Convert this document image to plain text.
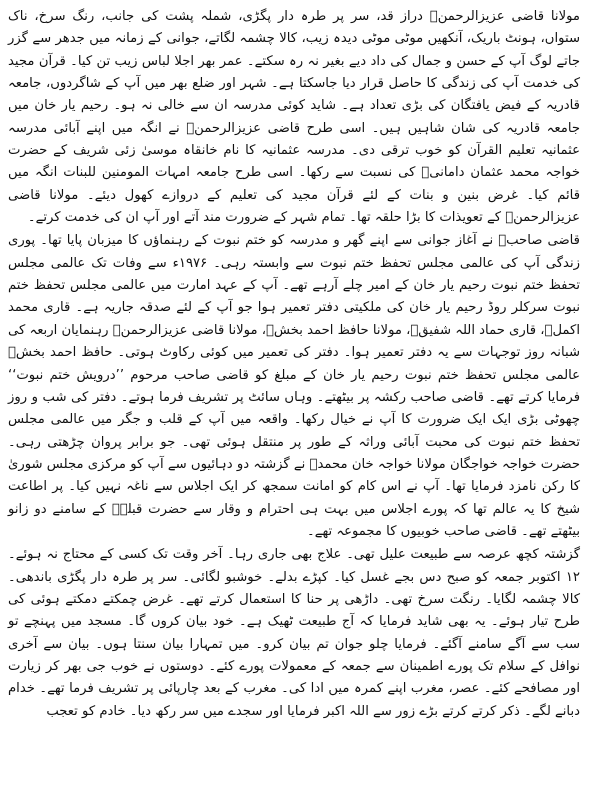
مولانا قاضی عزیزالرحمنؒ دراز قد، سر پر طرہ دار پگڑی، شملہ پشت کی جانب، رنگ سرخ، ناک ستواں، ہونٹ باریک، آنکھیں موٹی موٹی دیدہ زیب، کالا چشمہ لگاتے، جوانی کے زمانہ میں جدھر سے گزر جاتے لوگ آپ کے حسن و جمال کی داد دیے بغیر نہ رہ سکتے۔ عمر بھر اجلا لباس زیب تن کیا۔ قرآن مجید کی خدمت آپ کی زندگی کا حاصل قرار دیا جاسکتا ہے۔ شہر اور ضلع بھر میں آپ کے شاگردوں، جامعہ قادریہ کے فیض یافتگان کی بڑی تعداد ہے۔ شاید کوئی مدرسہ ان سے خالی نہ ہو۔ رحیم یار خان میں جامعہ قادریہ کی شان شاہیں ہیں۔ اسی طرح قاضی عزیزالرحمنؒ نے انگہ میں اپنے آبائی مدرسہ عثمانیہ تعلیم القرآن کو خوب ترقی دی۔ مدرسہ عثمانیہ کا نام خانقاہ موسیٰ زئی شریف کے حضرت خواجہ محمد عثمان دامانیؒ کی نسبت سے رکھا۔ اسی طرح جامعہ امہات المومنین للبنات انگہ میں قائم کیا۔ غرض بنین و بنات کے لئے قرآن مجید کی تعلیم کے دروازے کھول دیئے۔ مولانا قاضی عزیزالرحمنؒ کے تعویذات کا بڑا حلقہ تھا۔ تمام شہر کے ضرورت مند آتے اور آپ ان کی خدمت کرتے۔

قاضی صاحبؒ نے آغاز جوانی سے اپنے گھر و مدرسہ کو ختم نبوت کے رہنماؤں کا میزبان پایا تھا۔ پوری زندگی آپ کی عالمی مجلس تحفظ ختم نبوت سے وابستہ رہی۔ ۱۹۷۶ء سے وفات تک عالمی مجلس تحفظ ختم نبوت رحیم یار خان کے امیر چلے آرہے تھے۔ آپ کے عہد امارت میں عالمی مجلس تحفظ ختم نبوت سرکلر روڈ رحیم یار خان کی ملکیتی دفتر تعمیر ہوا جو آپ کے لئے صدقہ جاریہ ہے۔ قاری محمد اکملؒ، قاری حماد اللہ شفیقؒ، مولانا حافظ احمد بخشؒ، مولانا قاضی عزیزالرحمنؒ رہنمایان اربعہ کی شبانہ روز توجہات سے یہ دفتر تعمیر ہوا۔ دفتر کی تعمیر میں کوئی رکاوٹ ہوتی۔ حافظ احمد بخشؒ عالمی مجلس تحفظ ختم نبوت رحیم یار خان کے مبلغ کو قاضی صاحب مرحوم ’’درویش ختم نبوت‘‘ فرمایا کرتے تھے۔ قاضی صاحب رکشہ پر بیٹھتے۔ وہاں سائٹ پر تشریف فرما ہوتے۔ دفتر کی شب و روز چھوٹی بڑی ایک ایک ضرورت کا آپ نے خیال رکھا۔ واقعہ میں آپ کے قلب و جگر میں عالمی مجلس تحفظ ختم نبوت کی محبت آبائی وراثہ کے طور پر منتقل ہوئی تھی۔ جو برابر پروان چڑھتی رہی۔ حضرت خواجہ خواجگان مولانا خواجہ خان محمدؒ نے گزشتہ دو دہائیوں سے آپ کو مرکزی مجلس شوریٰ کا رکن نامزد فرمایا تھا۔ آپ نے اس کام کو امانت سمجھ کر ایک اجلاس سے ناغہ نہیں کیا۔ پر اطاعت شیخ کا یہ عالم تھا کہ پورے اجلاس میں بہت ہی احترام و وقار سے حضرت قبلہؒ کے سامنے دو زانو بیٹھتے تھے۔ قاضی صاحب خوبیوں کا مجموعہ تھے۔

گزشتہ کچھ عرصہ سے طبیعت علیل تھی۔ علاج بھی جاری رہا۔ آخر وقت تک کسی کے محتاج نہ ہوئے۔ ۱۲ اکتوبر جمعہ کو صبح دس بجے غسل کیا۔ کپڑے بدلے۔ خوشبو لگائی۔ سر پر طرہ دار پگڑی باندھی۔ کالا چشمہ لگایا۔ رنگت سرخ تھی۔ داڑھی پر حنا کا استعمال کرتے تھے۔ غرض چمکتے دمکتے ہوئی کی طرح تیار ہوئے۔ یہ بھی شاید فرمایا کہ آج طبیعت ٹھیک ہے۔ خود بیان کروں گا۔ مسجد میں پہنچے تو سب سے آگے سامنے آگئے۔ فرمایا چلو جوان تم بیان کرو۔ میں تمہارا بیان سنتا ہوں۔ بیان سے آخری نوافل کے سلام تک پورے اطمینان سے جمعہ کے معمولات پورے کئے۔ دوستوں نے خوب جی بھر کر زیارت اور مصافحے کئے۔ عصر، مغرب اپنے کمرہ میں ادا کی۔ مغرب کے بعد چارپائی پر تشریف فرما تھے۔ خدام دبانے لگے۔ ذکر کرتے کرتے بڑے زور سے اللہ اکبر فرمایا اور سجدے میں سر رکھ دیا۔ خادم کو تعجب
